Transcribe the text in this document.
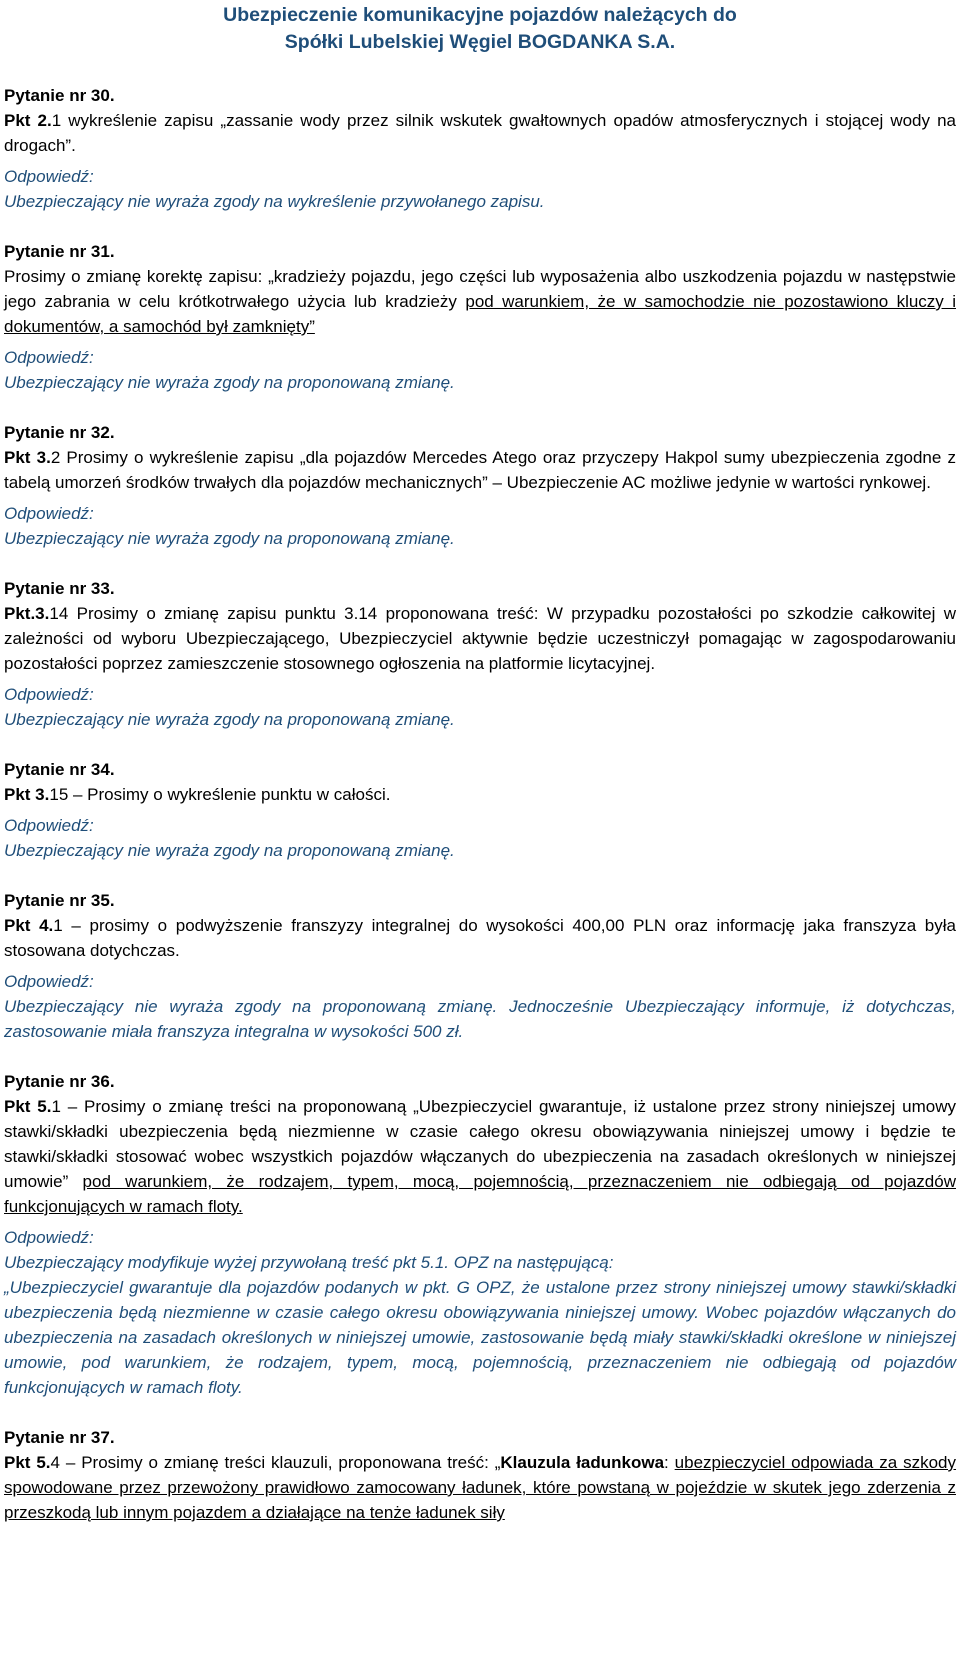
Ubezpieczenie komunikacyjne pojazdów należących do
Spółki Lubelskiej Węgiel BOGDANKA S.A.
Pytanie nr 30.
Pkt 2.1 wykreślenie zapisu „zassanie wody przez silnik wskutek gwałtownych opadów atmosferycznych i stojącej wody na drogach”.
Odpowiedź:
Ubezpieczający nie wyraża zgody na wykreślenie przywołanego zapisu.
Pytanie nr 31.
Prosimy o zmianę korektę zapisu: „kradzieży pojazdu, jego części lub wyposażenia albo uszkodzenia pojazdu w następstwie jego zabrania w celu krótkotrwałego użycia lub kradzieży pod warunkiem, że w samochodzie nie pozostawiono kluczy i dokumentów, a samochód był zamknięty”
Odpowiedź:
Ubezpieczający nie wyraża zgody na proponowaną zmianę.
Pytanie nr 32.
Pkt 3.2 Prosimy o wykreślenie zapisu „dla pojazdów Mercedes Atego oraz przyczepy Hakpol sumy ubezpieczenia zgodne z tabelą umorzeń środków trwałych dla pojazdów mechanicznych” – Ubezpieczenie AC możliwe jedynie w wartości rynkowej.
Odpowiedź:
Ubezpieczający nie wyraża zgody na proponowaną zmianę.
Pytanie nr 33.
Pkt.3.14 Prosimy o zmianę zapisu punktu 3.14 proponowana treść: W przypadku pozostałości po szkodzie całkowitej w zależności od wyboru Ubezpieczającego, Ubezpieczyciel aktywnie będzie uczestniczył pomagając w zagospodarowaniu pozostałości poprzez zamieszczenie stosownego ogłoszenia na platformie licytacyjnej.
Odpowiedź:
Ubezpieczający nie wyraża zgody na proponowaną zmianę.
Pytanie nr 34.
Pkt 3.15 – Prosimy o wykreślenie punktu w całości.
Odpowiedź:
Ubezpieczający nie wyraża zgody na proponowaną zmianę.
Pytanie nr 35.
Pkt 4.1 – prosimy o podwyższenie franszyzy integralnej do wysokości 400,00 PLN oraz informację jaka franszyza była stosowana dotychczas.
Odpowiedź:
Ubezpieczający nie wyraża zgody na proponowaną zmianę. Jednocześnie Ubezpieczający informuje, iż dotychczas, zastosowanie miała franszyza integralna w wysokości 500 zł.
Pytanie nr 36.
Pkt 5.1 – Prosimy o zmianę treści na proponowaną „Ubezpieczyciel gwarantuje, iż ustalone przez strony niniejszej umowy stawki/składki ubezpieczenia będą niezmienne w czasie całego okresu obowiązywania niniejszej umowy i będzie te stawki/składki stosować wobec wszystkich pojazdów włączanych do ubezpieczenia na zasadach określonych w niniejszej umowie” pod warunkiem, że rodzajem, typem, mocą, pojemnością, przeznaczeniem nie odbiegają od pojazdów funkcjonujących w ramach floty.
Odpowiedź:
Ubezpieczający modyfikuje wyżej przywołaną treść pkt 5.1. OPZ na następującą:
„Ubezpieczyciel gwarantuje dla pojazdów podanych w pkt. G OPZ, że ustalone przez strony niniejszej umowy stawki/składki ubezpieczenia będą niezmienne w czasie całego okresu obowiązywania niniejszej umowy. Wobec pojazdów włączanych do ubezpieczenia na zasadach określonych w niniejszej umowie, zastosowanie będą miały stawki/składki określone w niniejszej umowie, pod warunkiem, że rodzajem, typem, mocą, pojemnością, przeznaczeniem nie odbiegają od pojazdów funkcjonujących w ramach floty.
Pytanie nr 37.
Pkt 5.4 – Prosimy o zmianę treści klauzuli, proponowana treść: „Klauzula ładunkowa: ubezpieczyciel odpowiada za szkody spowodowane przez przewożony prawidłowo zamocowany ładunek, które powstaną w pojeździe w skutek jego zderzenia z przeszkodą lub innym pojazdem a działające na tenże ładunek siły
